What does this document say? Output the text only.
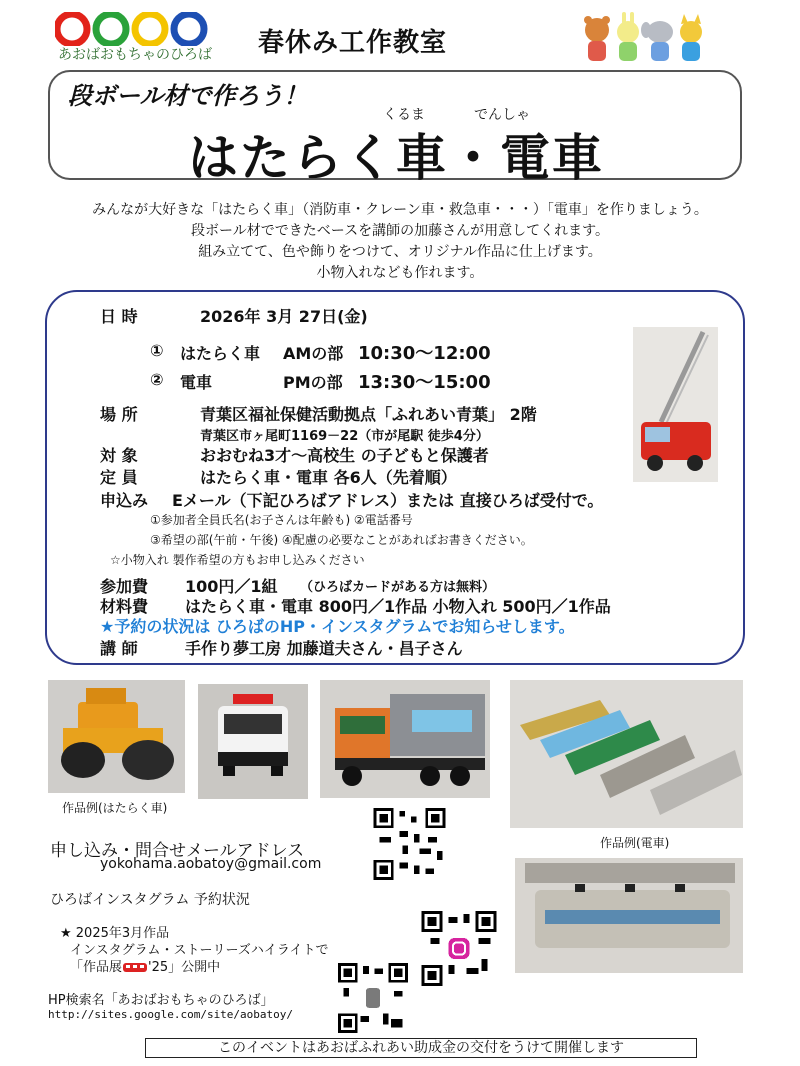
あおばおもちゃのひろば 春休み工作教室
段ボール材で作ろう！
くるま	でんしゃ
はたらく車・電車
みんなが大好きな「はたらく車」（消防車・クレーン車・救急車・・・）「電車」を作りましょう。
段ボール材でできたベースを講師の加藤さんが用意してくれます。
組み立てて、色や飾りをつけて、オリジナル作品に仕上げます。
小物入れなども作れます。
日 時	2026年 3月 27日(金)
① はたらく車 AMの部 10:30〜12:00
② 電車	PMの部 13:30〜15:00
場 所	青葉区福祉保健活動拠点「ふれあい青葉」 2階
青葉区市ヶ尾町1169－22（市が尾駅 徒歩4分）
対 象	おおむね3才〜高校生 の子どもと保護者
定 員	はたらく車・電車 各6人（先着順）
申込み Eメール（下記ひろばアドレス）または 直接ひろば受付で。
①参加者全員氏名(お子さんは年齢も) ②電話番号
③希望の部(午前・午後) ④配慮の必要なことがあればお書きください。
☆小物入れ 製作希望の方もお申し込みください
参加費 100円／1組 （ひろばカードがある方は無料）
材料費 はたらく車・電車 800円／1作品 小物入れ 500円／1作品
★予約の状況は ひろばのHP・インスタグラムでお知らせします。
講 師	手作り夢工房 加藤道夫さん・昌子さん
作品例(はたらく車)
作品例(電車)
申し込み・問合せメールアドレス
yokohama.aobatoy@gmail.com
ひろばインスタグラム 予約状況
★ 2025年3月作品
インスタグラム・ストーリーズハイライトで
「作品展 '25」公開中
HP検索名「あおばおもちゃのひろば」
http://sites.google.com/site/aobatoy/
このイベントはあおばふれあい助成金の交付をうけて開催します
